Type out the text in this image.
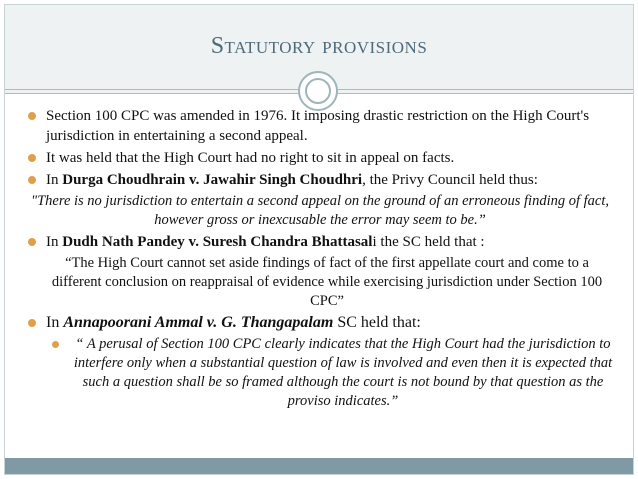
Statutory provisions
Section 100 CPC was amended in 1976. It imposing drastic restriction on the High Court's jurisdiction in entertaining a second appeal.
It was held that the High Court had no right to sit in appeal on facts.
In Durga Choudhrain v. Jawahir Singh Choudhri, the Privy Council held thus:
"There is no jurisdiction to entertain a second appeal on the ground of an erroneous finding of fact, however gross or inexcusable the error may seem to be.”
In Dudh Nath Pandey v. Suresh Chandra Bhattasali the SC held that :
“The High Court cannot set aside findings of fact of the first appellate court and come to a different conclusion on reappraisal of evidence while exercising jurisdiction under Section 100 CPC”
In Annapoorani Ammal v. G. Thangapalam SC held that:
“ A perusal of Section 100 CPC clearly indicates that the High Court had the jurisdiction to interfere only when a substantial question of law is involved and even then it is expected that such a question shall be so framed although the court is not bound by that question as the proviso indicates.”
